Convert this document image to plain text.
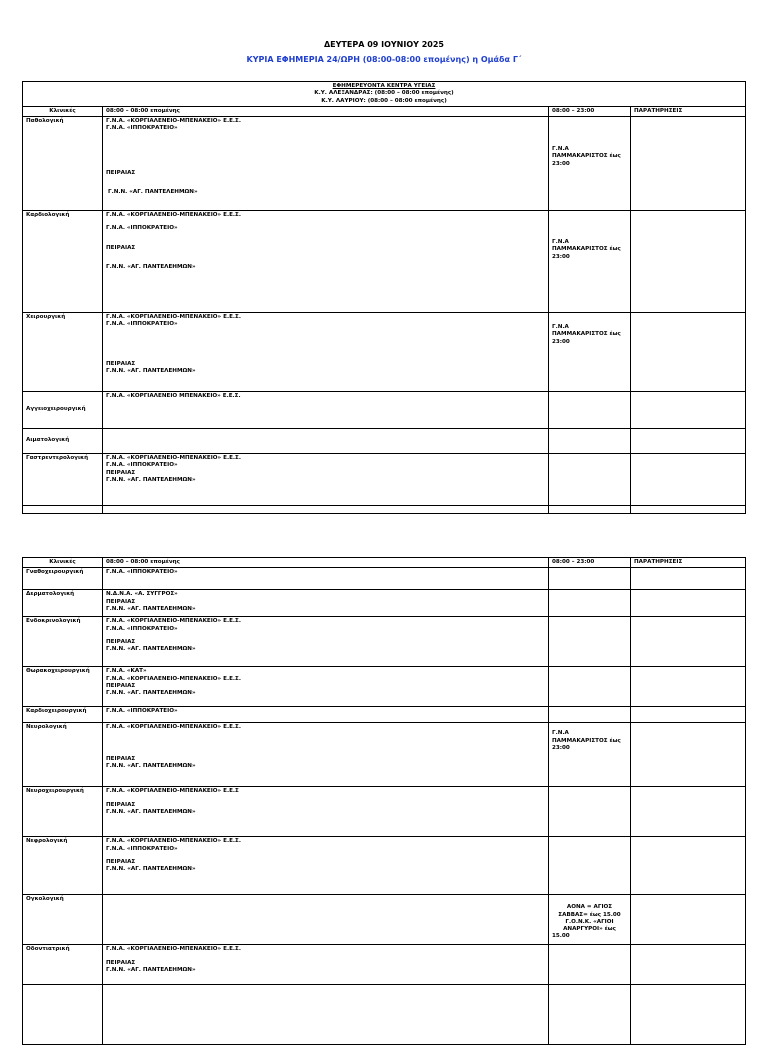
ΔΕΥΤΕΡΑ 09 ΙΟΥΝΙΟΥ 2025
ΚΥΡΙΑ ΕΦΗΜΕΡΙΑ 24/ΩΡΗ (08:00-08:00 επομένης) η Ομάδα Γ΄
ΕΦΗΜΕΡΕΥΟΝΤΑ ΚΕΝΤΡΑ ΥΓΕΙΑΣ
Κ.Υ. ΑΛΕΞΑΝΔΡΑΣ: (08:00 – 08:00 επομένης)
Κ.Υ. ΛΑΥΡΙΟΥ: (08:00 – 08:00 επομένης)			

Κλινικές	08:00 – 08:00 επομένης	08:00 – 23:00	ΠΑΡΑΤΗΡΗΣΕΙΣ
Παθολογική	Γ.Ν.Α. «ΚΟΡΓΙΑΛΕΝΕΙΟ-ΜΠΕΝΑΚΕΙΟ» Ε.Ε.Σ.
Γ.Ν.Α. «ΙΠΠΟΚΡΑΤΕΙΟ»
ΠΕΙΡΑΙΑΣ
Γ.Ν.Ν. «ΑΓ. ΠΑΝΤΕΛΕΗΜΩΝ»	Γ.Ν.Α
ΠΑΜΜΑΚΑΡΙΣΤΟΣ έως
23:00	

Καρδιολογική	Γ.Ν.Α. «ΚΟΡΓΙΑΛΕΝΕΙΟ-ΜΠΕΝΑΚΕΙΟ» Ε.Ε.Σ.
Γ.Ν.Α. «ΙΠΠΟΚΡΑΤΕΙΟ»
ΠΕΙΡΑΙΑΣ
Γ.Ν.Ν. «ΑΓ. ΠΑΝΤΕΛΕΗΜΩΝ»	Γ.Ν.Α
ΠΑΜΜΑΚΑΡΙΣΤΟΣ έως
23:00	

Χειρουργική	Γ.Ν.Α. «ΚΟΡΓΙΑΛΕΝΕΙΟ-ΜΠΕΝΑΚΕΙΟ» Ε.Ε.Σ.
Γ.Ν.Α. «ΙΠΠΟΚΡΑΤΕΙΟ»
ΠΕΙΡΑΙΑΣ
Γ.Ν.Ν. «ΑΓ. ΠΑΝΤΕΛΕΗΜΩΝ»	Γ.Ν.Α
ΠΑΜΜΑΚΑΡΙΣΤΟΣ έως
23:00	

Αγγειοχειρουργική	Γ.Ν.Α. «ΚΟΡΓΙΑΛΕΝΕΙΟ ΜΠΕΝΑΚΕΙΟ» Ε.Ε.Σ.		

Αιματολογική			
Γαστρεντερολογική	Γ.Ν.Α. «ΚΟΡΓΙΑΛΕΝΕΙΟ-ΜΠΕΝΑΚΕΙΟ» Ε.Ε.Σ.
Γ.Ν.Α. «ΙΠΠΟΚΡΑΤΕΙΟ»
ΠΕΙΡΑΙΑΣ
Γ.Ν.Ν. «ΑΓ. ΠΑΝΤΕΛΕΗΜΩΝ»		

Κλινικές	08:00 – 08:00 επομένης	08:00 – 23:00	ΠΑΡΑΤΗΡΗΣΕΙΣ
Γναθοχειρουργική	Γ.Ν.Α. «ΙΠΠΟΚΡΑΤΕΙΟ»		

Δερματολογική	Ν.Δ.Ν.Α. «Α. ΣΥΓΓΡΟΣ»
ΠΕΙΡΑΙΑΣ
Γ.Ν.Ν. «ΑΓ. ΠΑΝΤΕΛΕΗΜΩΝ»		

Ενδοκρινολογική	Γ.Ν.Α. «ΚΟΡΓΙΑΛΕΝΕΙΟ-ΜΠΕΝΑΚΕΙΟ» Ε.Ε.Σ.
Γ.Ν.Α. «ΙΠΠΟΚΡΑΤΕΙΟ»
ΠΕΙΡΑΙΑΣ
Γ.Ν.Ν. «ΑΓ. ΠΑΝΤΕΛΕΗΜΩΝ»		

Θωρακοχειρουργική	Γ.Ν.Α. «ΚΑΤ»
Γ.Ν.Α. «ΚΟΡΓΙΑΛΕΝΕΙΟ-ΜΠΕΝΑΚΕΙΟ» Ε.Ε.Σ.
ΠΕΙΡΑΙΑΣ
Γ.Ν.Ν. «ΑΓ. ΠΑΝΤΕΛΕΗΜΩΝ»		

Καρδιοχειρουργική	Γ.Ν.Α. «ΙΠΠΟΚΡΑΤΕΙΟ»		

Νευρολογική	Γ.Ν.Α. «ΚΟΡΓΙΑΛΕΝΕΙΟ-ΜΠΕΝΑΚΕΙΟ» Ε.Ε.Σ.
ΠΕΙΡΑΙΑΣ
Γ.Ν.Ν. «ΑΓ. ΠΑΝΤΕΛΕΗΜΩΝ»	Γ.Ν.Α
ΠΑΜΜΑΚΑΡΙΣΤΟΣ έως
23:00	

Νευροχειρουργική	Γ.Ν.Α. «ΚΟΡΓΙΑΛΕΝΕΙΟ-ΜΠΕΝΑΚΕΙΟ» Ε.Ε.Σ
ΠΕΙΡΑΙΑΣ
Γ.Ν.Ν. «ΑΓ. ΠΑΝΤΕΛΕΗΜΩΝ»		

Νεφρολογική	Γ.Ν.Α. «ΚΟΡΓΙΑΛΕΝΕΙΟ-ΜΠΕΝΑΚΕΙΟ» Ε.Ε.Σ.
Γ.Ν.Α. «ΙΠΠΟΚΡΑΤΕΙΟ»
ΠΕΙΡΑΙΑΣ
Γ.Ν.Ν. «ΑΓ. ΠΑΝΤΕΛΕΗΜΩΝ»		

Ογκολογική		ΑΟΝΑ = ΑΓΙΟΣ
ΣΑΒΒΑΣ= έως 15.00
Γ.Ο.Ν.Κ. «ΑΓΙΟΙ
ΑΝΑΡΓΥΡΟΙ» έως
15.00	

Οδοντιατρική	Γ.Ν.Α. «ΚΟΡΓΙΑΛΕΝΕΙΟ-ΜΠΕΝΑΚΕΙΟ» Ε.Ε.Σ.
ΠΕΙΡΑΙΑΣ
Γ.Ν.Ν. «ΑΓ. ΠΑΝΤΕΛΕΗΜΩΝ»		
